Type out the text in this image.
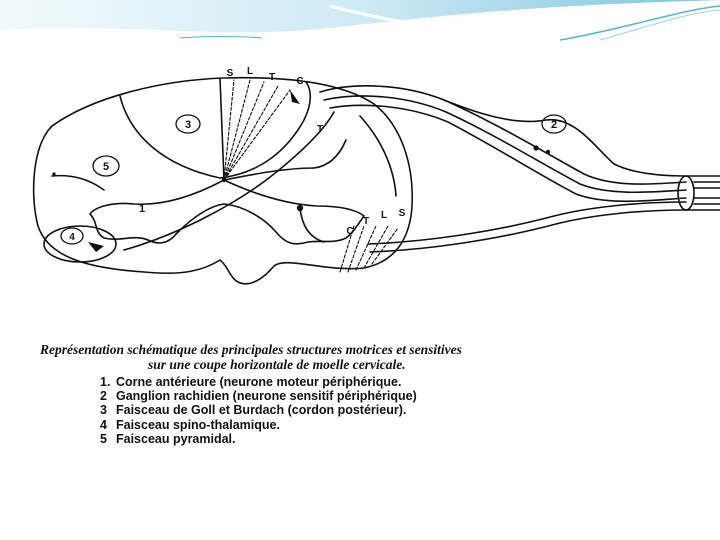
3
5
1
4
2
S L
T C
T
C
T
L S

Représentation schématique des principales structures motrices et sensitives

sur une coupe horizontale de moelle cervicale.

1. Corne antérieure (neurone moteur périphérique.
2 Ganglion rachidien (neurone sensitif périphérique)
3 Faisceau de Goll et Burdach (cordon postérieur).
4 Faisceau spino-thalamique.
5 Faisceau pyramidal.
